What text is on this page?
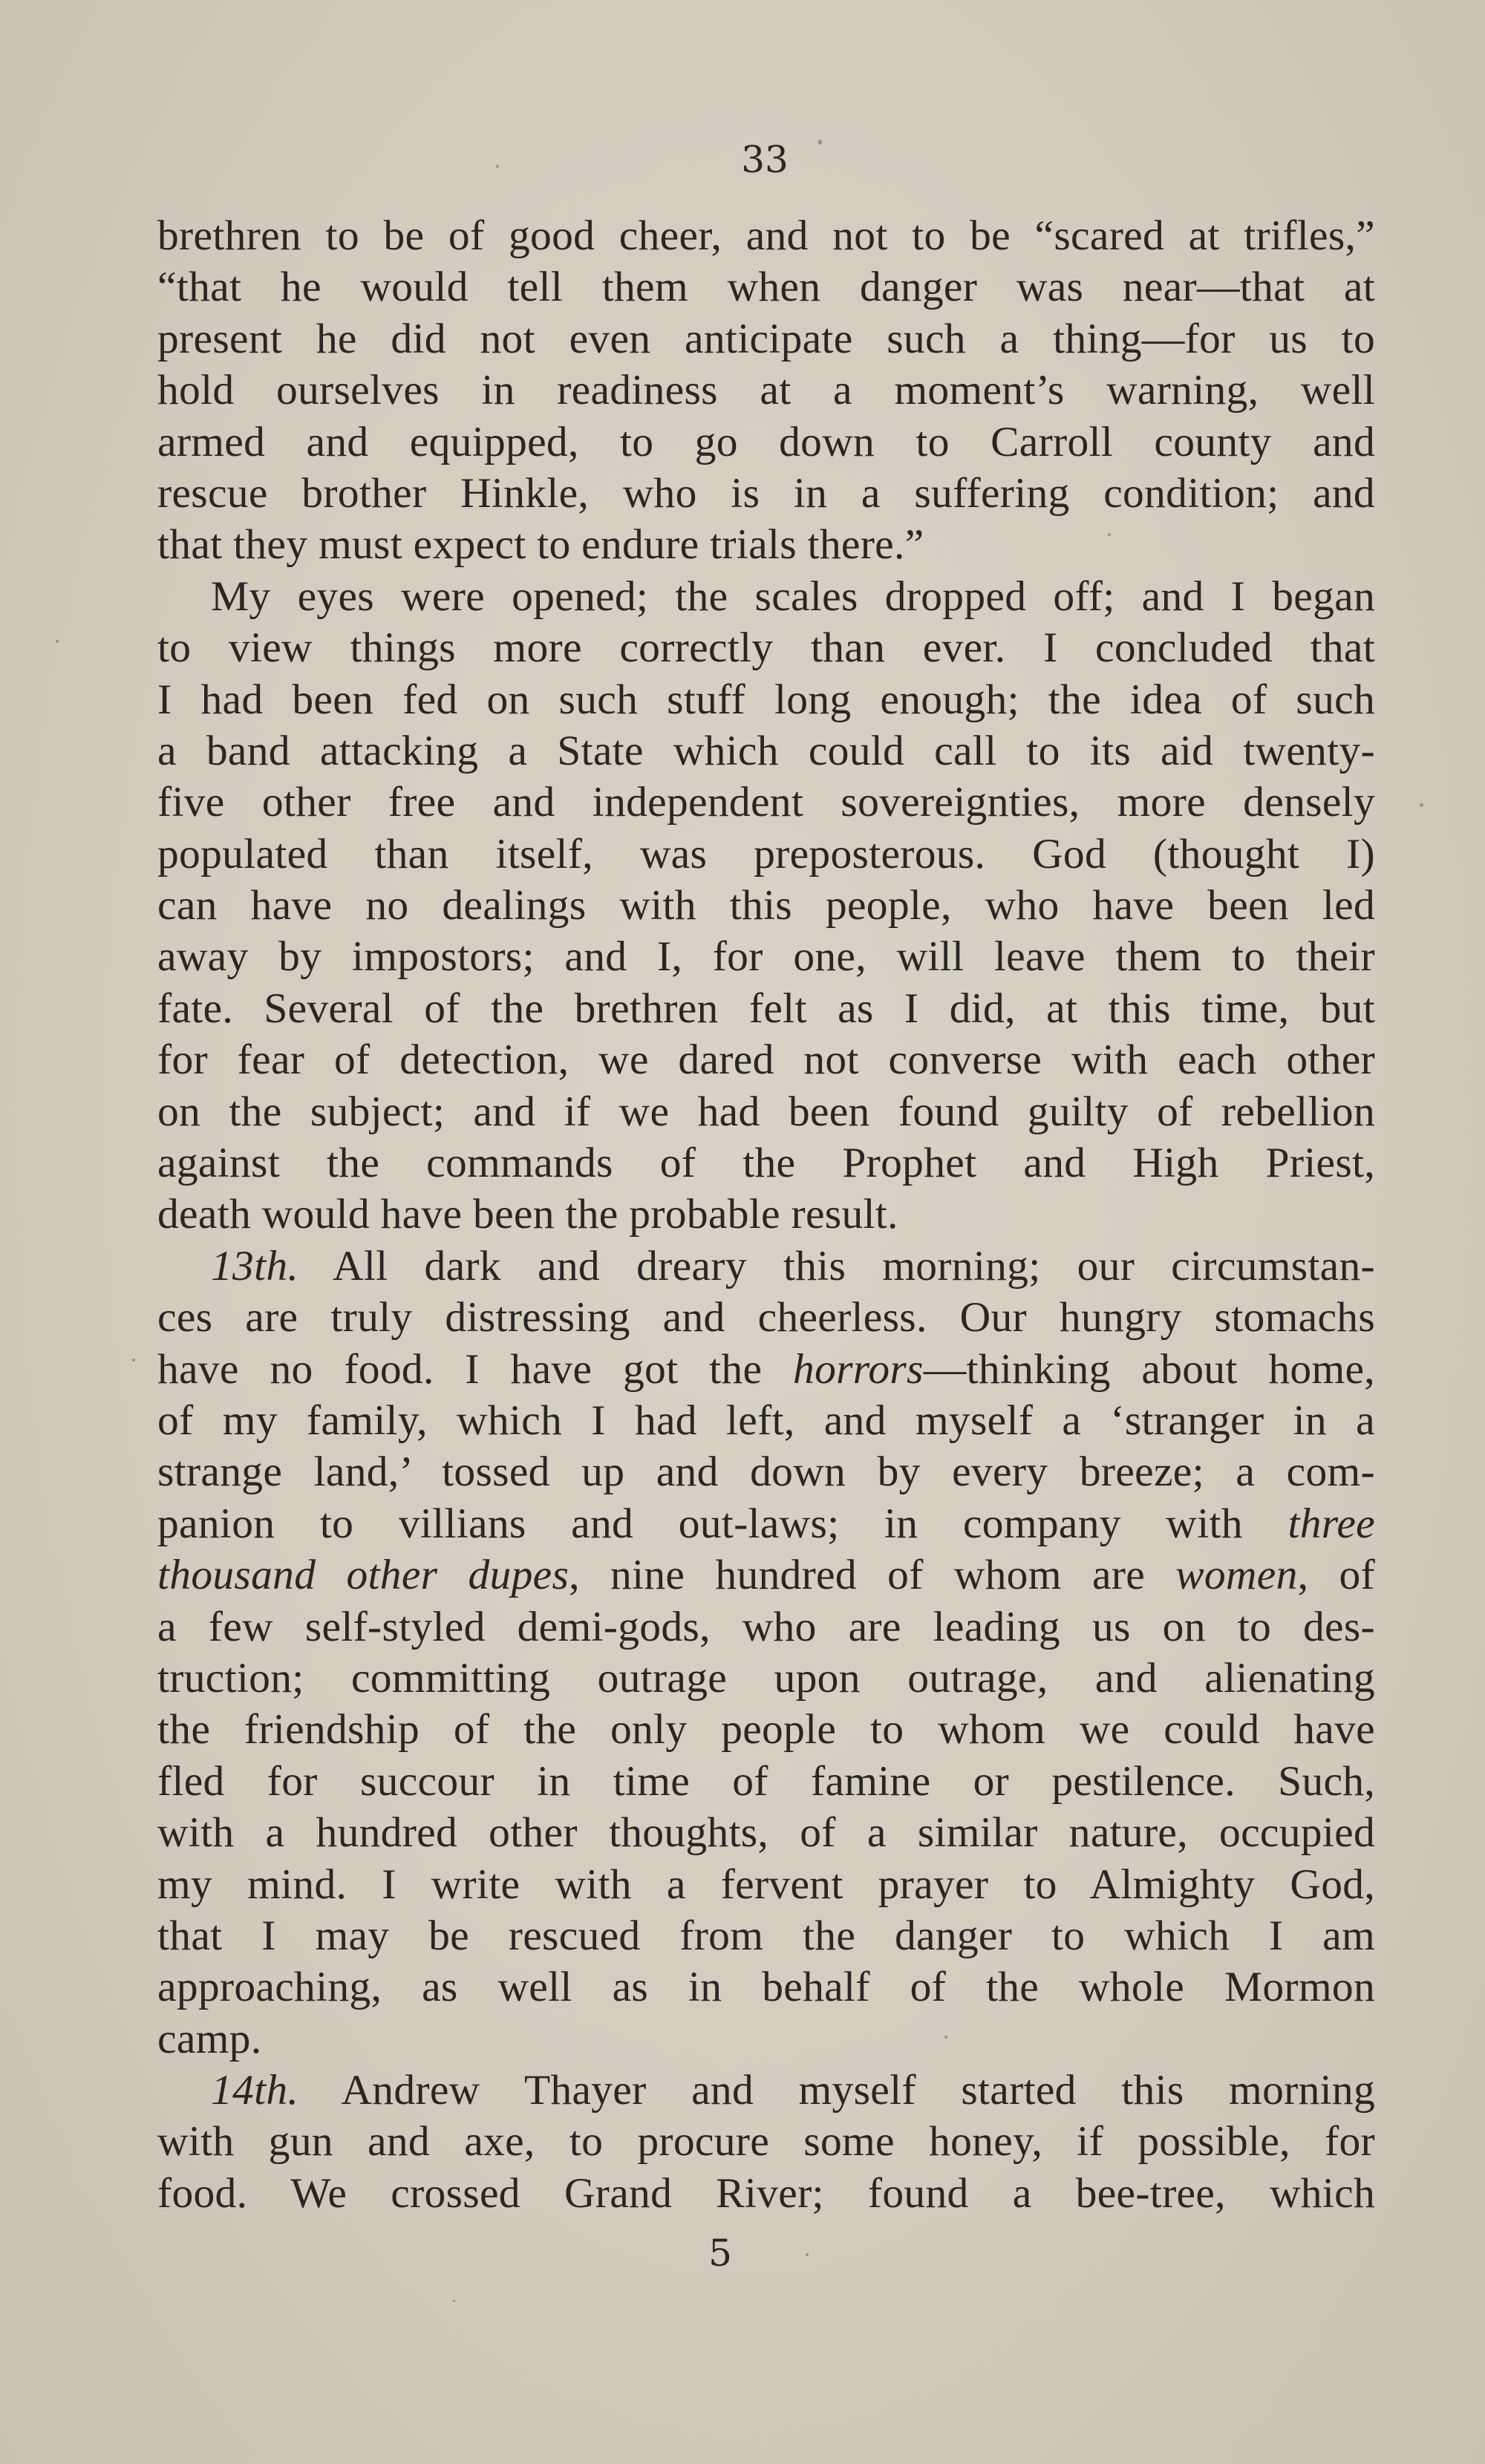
33

brethren to be of good cheer, and not to be “scared at trifles,”
“that he would tell them when danger was near—that at
present he did not even anticipate such a thing—for us to
hold ourselves in readiness at a moment’s warning, well
armed and equipped, to go down to Carroll county and
rescue brother Hinkle, who is in a suffering condition; and
that they must expect to endure trials there.”

My eyes were opened; the scales dropped off; and I began
to view things more correctly than ever. I concluded that
I had been fed on such stuff long enough; the idea of such
a band attacking a State which could call to its aid twenty-
five other free and independent sovereignties, more densely
populated than itself, was preposterous. God (thought I)
can have no dealings with this people, who have been led
away by impostors; and I, for one, will leave them to their
fate. Several of the brethren felt as I did, at this time, but
for fear of detection, we dared not converse with each other
on the subject; and if we had been found guilty of rebellion
against the commands of the Prophet and High Priest,
death would have been the probable result.

13th. All dark and dreary this morning; our circumstan-
ces are truly distressing and cheerless. Our hungry stomachs
have no food. I have got the horrors—thinking about home,
of my family, which I had left, and myself a ‘stranger in a
strange land,’ tossed up and down by every breeze; a com-
panion to villians and out-laws; in company with three
thousand other dupes, nine hundred of whom are women, of
a few self-styled demi-gods, who are leading us on to des-
truction; committing outrage upon outrage, and alienating
the friendship of the only people to whom we could have
fled for succour in time of famine or pestilence. Such,
with a hundred other thoughts, of a similar nature, occupied
my mind. I write with a fervent prayer to Almighty God,
that I may be rescued from the danger to which I am
approaching, as well as in behalf of the whole Mormon
camp.

14th. Andrew Thayer and myself started this morning
with gun and axe, to procure some honey, if possible, for
food. We crossed Grand River; found a bee-tree, which

5
